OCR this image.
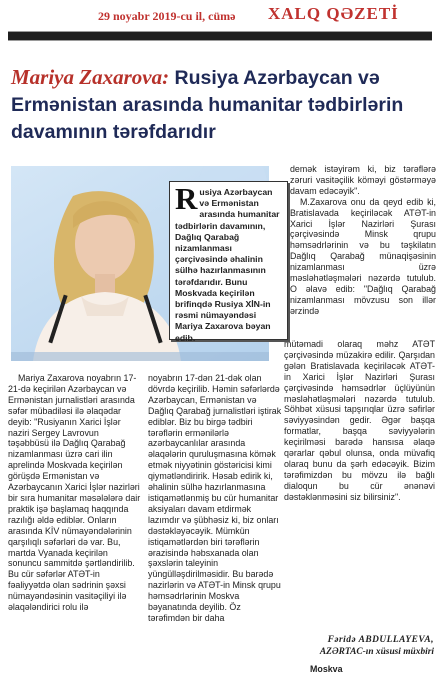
29 noyabr 2019-cu il, cümə XALQ QƏZETİ
Mariya Zaxarova: Rusiya Azərbaycan və Ermənistan arasında humanitar tədbirlərin davamının tərəfdarıdır
Rusiya Azərbaycan və Ermənistan arasında humanitar tədbirlərin davamının, Dağlıq Qarabağ nizamlanması çərçivəsində əhalinin sülhə hazırlanmasının tərəfdarıdır. Bunu Moskvada keçirilən brifinqdə Rusiya XİN-in rəsmi nümayəndəsi Mariya Zaxarova bəyan edib.

Mariya Zaxarova noyabrın 17-21-də keçirilən Azərbaycan və Ermənistan jurnalistləri arasında səfər mübadiləsi ilə əlaqədar deyib: "Rusiyanın Xarici İşlər naziri Sergey Lavrovun təşəbbüsü ilə Dağlıq Qarabağ nizamlanması üzrə cari ilin aprelində Moskvada keçirilən görüşdə Ermənistan və Azərbaycanın Xarici İşlər nazirləri bir sıra humanitar məsələlərə dair praktik işə başlamaq haqqında razılığı əldə ediblər. Onların arasında KİV nümayəndələrinin qarşılıqlı səfərləri də var. Bu, martda Vyanada keçirilən sonuncu sammitdə şərtləndirilib. Bu cür səfərlər ATƏT-in fəaliyyətdə olan sədrinin şəxsi nümayəndəsinin vasitəçiliyi ilə əlaqələndirici rolu ilə

noyabrın 17-dən 21-dək olan dövrdə keçirilib. Həmin səfərlərdə Azərbaycan, Ermənistan və Dağlıq Qarabağ jurnalistləri iştirak ediblər. Biz bu birgə tədbiri tərəflərin ermənilərlə azərbaycanlılar arasında əlaqələrin quruluşmasına kömək etmək niyyətinin göstəricisi kimi qiymətləndiririk. Həsab edirik ki, əhalinin sülhə hazırlanmasına istiqamətlənmiş bu cür humanitar aksiyaları davam etdirmək lazımdır və şübhəsiz ki, biz onları dəstəkləyəcəyik. Mümkün istiqamətlərdən biri tərəflərin ərazisində həbsxanada olan şəxslərin taleyinin yüngülləşdirilməsidir. Bu barədə nazirlərin və ATƏT-in Minsk qrupu həmsədrlərinin Moskva bəyanatında deyilib. Öz tərəfimdən bir daha

demək istəyirəm ki, biz tərəflərə zəruri vasitəçilik köməyi göstərməyə davam edəcəyik".

M.Zaxarova onu da qeyd edib ki, Bratislavada keçiriləcək ATƏT-in Xarici İşlər Nazirləri Şurası çərçivəsində Minsk qrupu həmsədrlərinin və bu təşkilatın Dağlıq Qarabağ münaqişəsinin nizamlanması üzrə məsləhətləşmələri nəzərdə tutulub. O əlavə edib: "Dağlıq Qarabağ nizamlanması mövzusu son illər ərzində

mütəmadi olaraq məhz ATƏT çərçivəsində müzakirə edilir. Qarşıdan gələn Bratislavada keçiriləcək ATƏT-in Xarici İşlər Nazirləri Şurası çərçivəsində həmsədrlər üçlüyünün məsləhətləşmələri nəzərdə tutulub. Söhbət xüsusi tapşırıqlar üzrə səfirlər səviyyəsindən gedir. Əgər başqa formatlar, başqa səviyyələrin keçirilməsi barədə hansısa əlaqə qərarlar qəbul olunsa, onda müvafiq olaraq bunu da şərh edəcəyik. Bizim tərəfimizdən bu mövzu ilə bağlı dialoqun bu cür ənənəvi dəstəklənməsini siz bilirsiniz".

Fəridə ABDULLAYEVA,
AZƏRTAC-ın xüsusi müxbiri
Moskva
